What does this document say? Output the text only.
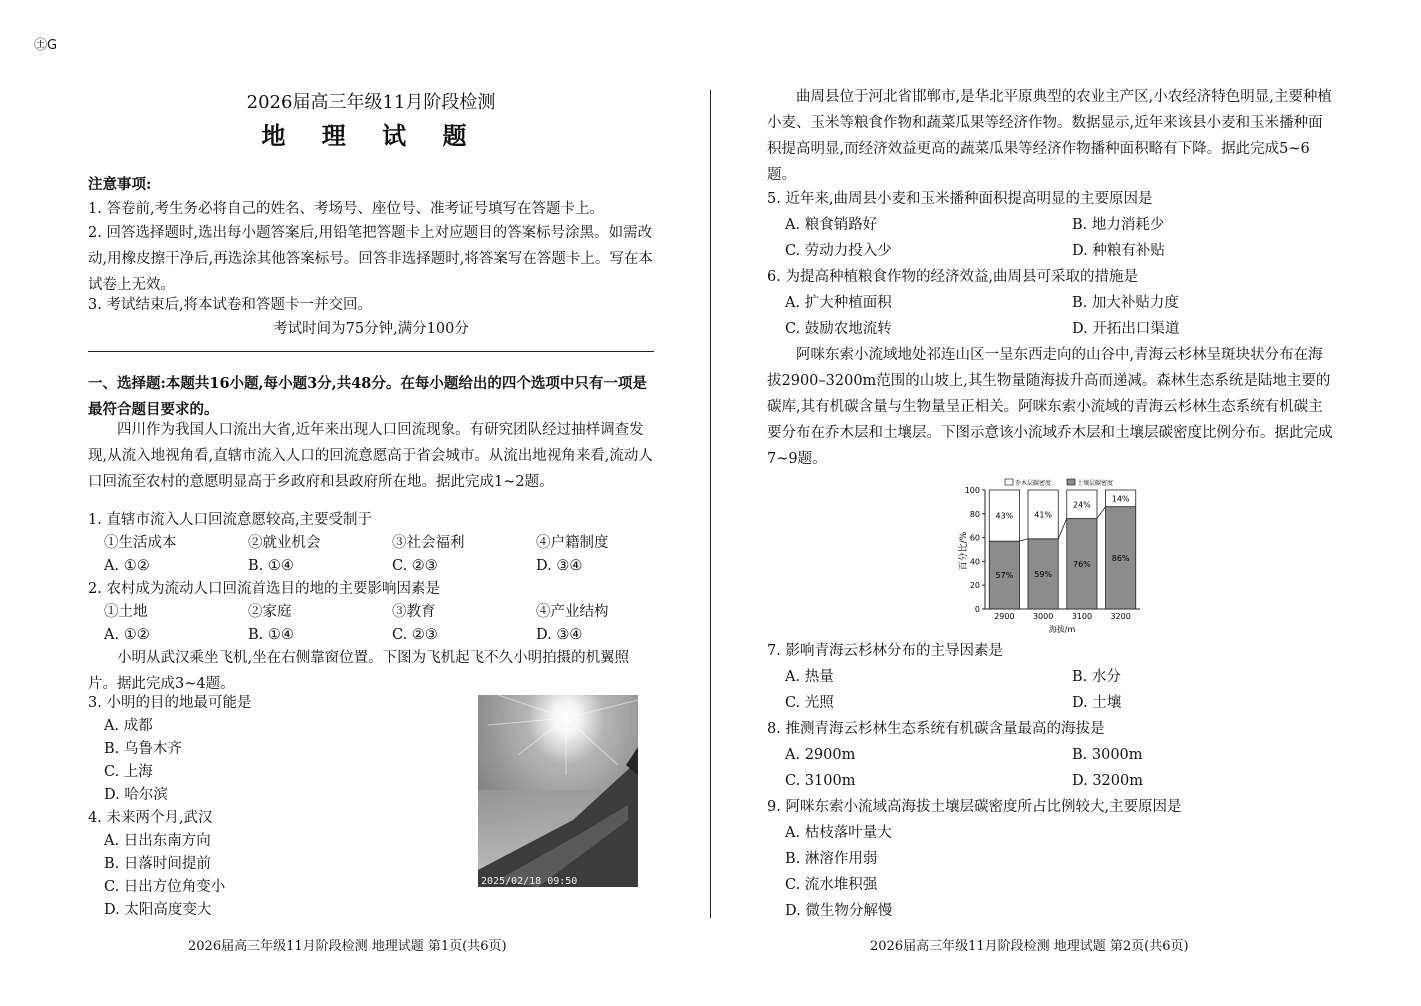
㊏G
2026届高三年级11月阶段检测
地 理 试 题
注意事项:
1. 答卷前,考生务必将自己的姓名、考场号、座位号、准考证号填写在答题卡上。
2. 回答选择题时,选出每小题答案后,用铅笔把答题卡上对应题目的答案标号涂黑。如需改动,用橡皮擦干净后,再选涂其他答案标号。回答非选择题时,将答案写在答题卡上。写在本试卷上无效。
3. 考试结束后,将本试卷和答题卡一并交回。
考试时间为75分钟,满分100分
一、选择题:本题共16小题,每小题3分,共48分。在每小题给出的四个选项中只有一项是最符合题目要求的。
四川作为我国人口流出大省,近年来出现人口回流现象。有研究团队经过抽样调查发现,从流入地视角看,直辖市流入人口的回流意愿高于省会城市。从流出地视角来看,流动人口回流至农村的意愿明显高于乡政府和县政府所在地。据此完成1~2题。
1. 直辖市流入人口回流意愿较高,主要受制于
①生活成本	②就业机会	③社会福利	④户籍制度
A. ①②	B. ①④	C. ②③	D. ③④
2. 农村成为流动人口回流首选目的地的主要影响因素是
①土地	②家庭	③教育	④产业结构
A. ①②	B. ①④	C. ②③	D. ③④
小明从武汉乘坐飞机,坐在右侧靠窗位置。下图为飞机起飞不久小明拍摄的机翼照片。据此完成3~4题。
3. 小明的目的地最可能是
A. 成都
B. 乌鲁木齐
C. 上海
D. 哈尔滨
4. 未来两个月,武汉
A. 日出东南方向
B. 日落时间提前
C. 日出方位角变小
D. 太阳高度变大
2025/02/18 09:50
2026届高三年级11月阶段检测 地理试题 第1页(共6页)
曲周县位于河北省邯郸市,是华北平原典型的农业主产区,小农经济特色明显,主要种植小麦、玉米等粮食作物和蔬菜瓜果等经济作物。数据显示,近年来该县小麦和玉米播种面积提高明显,而经济效益更高的蔬菜瓜果等经济作物播种面积略有下降。据此完成5~6题。
5. 近年来,曲周县小麦和玉米播种面积提高明显的主要原因是
A. 粮食销路好	B. 地力消耗少
C. 劳动力投入少	D. 种粮有补贴
6. 为提高种植粮食作物的经济效益,曲周县可采取的措施是
A. 扩大种植面积	B. 加大补贴力度
C. 鼓励农地流转	D. 开拓出口渠道
阿咪东索小流域地处祁连山区一呈东西走向的山谷中,青海云杉林呈斑块状分布在海拔2900–3200m范围的山坡上,其生物量随海拔升高而递减。森林生态系统是陆地主要的碳库,其有机碳含量与生物量呈正相关。阿咪东索小流域的青海云杉林生态系统有机碳主要分布在乔木层和土壤层。下图示意该小流域乔木层和土壤层碳密度比例分布。据此完成7~9题。
百分比/%
海拔/m
0
20
40
60
80
100
57%
43%
2900
59%
41%
3000
76%
24%
3100
86%
14%
3200
乔木层碳密度	土壤层碳密度
7. 影响青海云杉林分布的主导因素是
A. 热量	B. 水分
C. 光照	D. 土壤
8. 推测青海云杉林生态系统有机碳含量最高的海拔是
A. 2900m	B. 3000m
C. 3100m	D. 3200m
9. 阿咪东索小流域高海拔土壤层碳密度所占比例较大,主要原因是
A. 枯枝落叶量大
B. 淋溶作用弱
C. 流水堆积强
D. 微生物分解慢
2026届高三年级11月阶段检测 地理试题 第2页(共6页)
